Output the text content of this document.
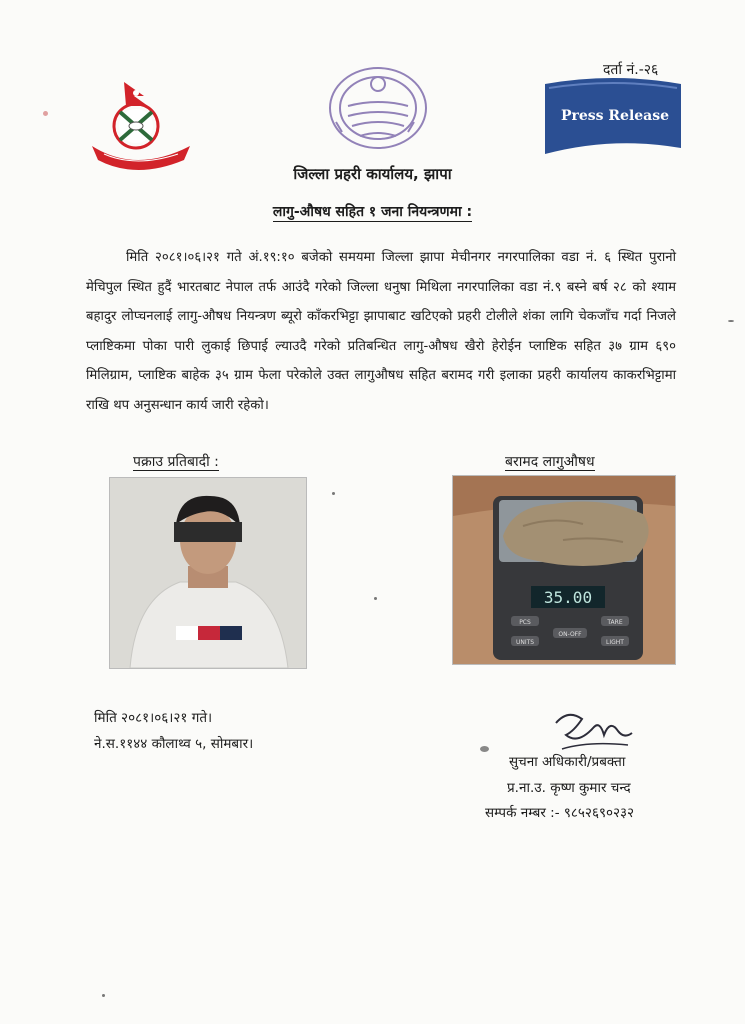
दर्ता नं.-२६
Press Release
जिल्ला प्रहरी कार्यालय, झापा
लागु-औषध सहित १ जना नियन्त्रणमा :

मिति २०८१।०६।२१ गते अं.१९:१० बजेको समयमा जिल्ला झापा मेचीनगर नगरपालिका वडा नं. ६ स्थित पुरानो मेचिपुल स्थित हुदैं भारतबाट नेपाल तर्फ आउंदै गरेको जिल्ला धनुषा मिथिला नगरपालिका वडा नं.९ बस्ने बर्ष २८ को श्याम बहादुर लोप्चनलाई लागु-औषध नियन्त्रण ब्यूरो काँकरभिट्टा झापाबाट खटिएको प्रहरी टोलीले शंका लागि चेकजाँच गर्दा निजले प्लाष्टिकमा पोका पारी लुकाई छिपाई ल्याउदै गरेको प्रतिबन्धित लागु-औषध खैरो हेरोईन प्लाष्टिक सहित ३७ ग्राम ६९० मिलिग्राम, प्लाष्टिक बाहेक ३५ ग्राम फेला परेकोले उक्त लागुऔषध सहित बरामद गरी इलाका प्रहरी कार्यालय काकरभिट्टामा राखि थप अनुसन्धान कार्य जारी रहेको।

पक्राउ प्रतिबादी :	बरामद लागुऔषध
35.00
PCS	TARE
ON-OFF
UNITS	LIGHT
मिति २०८१।०६।२१ गते।
ने.स.११४४ कौलाथ्व ५, सोमबार।
सुचना अधिकारी/प्रबक्ता
प्र.ना.उ. कृष्ण कुमार चन्द
सम्पर्क नम्बर :- ९८५२६९०२३२
